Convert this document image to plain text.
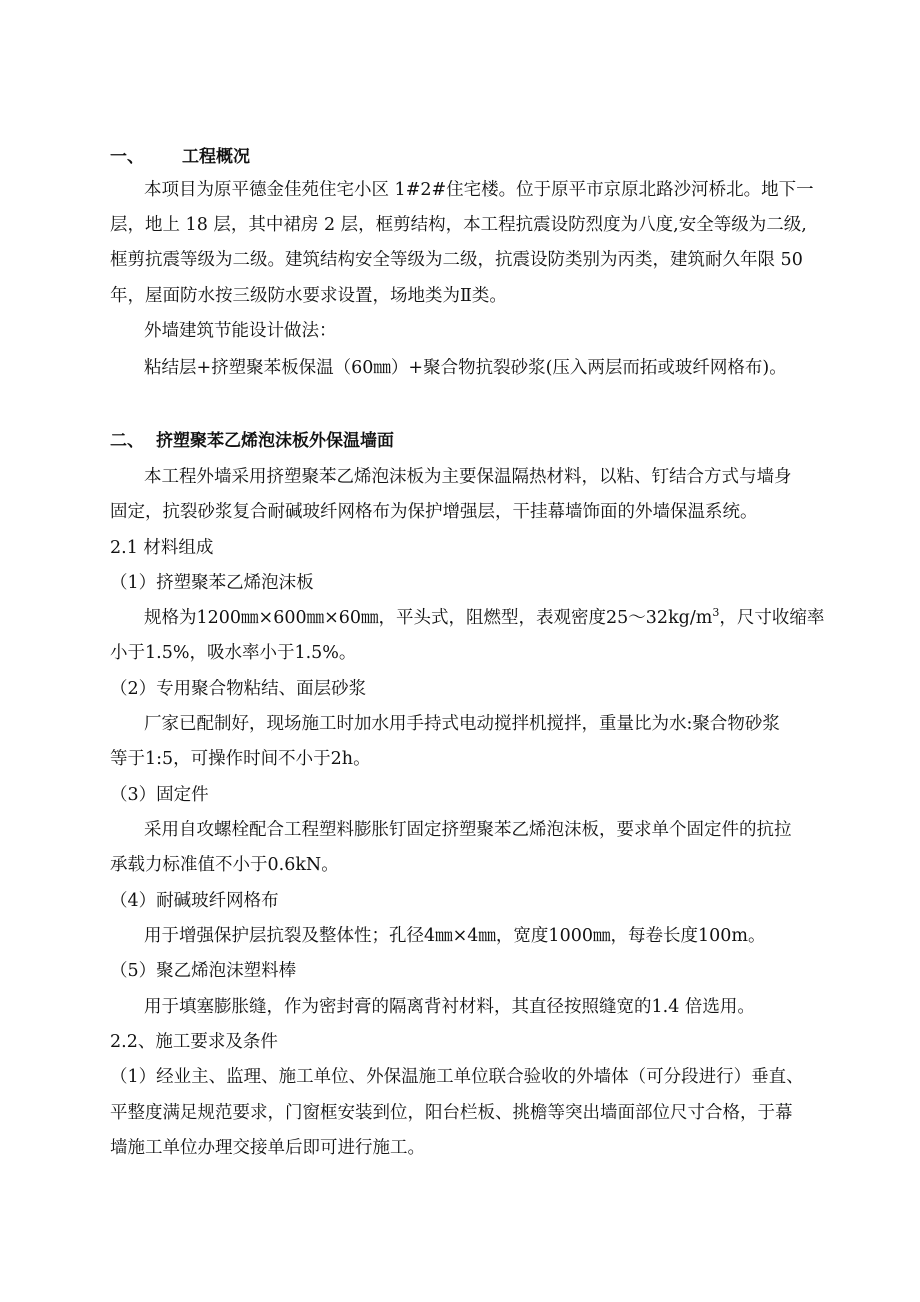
一、 工程概况
本项目为原平德金佳苑住宅小区 1#2#住宅楼。位于原平市京原北路沙河桥北。地下一
层，地上 18 层，其中裙房 2 层，框剪结构，本工程抗震设防烈度为八度,安全等级为二级,
框剪抗震等级为二级。建筑结构安全等级为二级，抗震设防类别为丙类，建筑耐久年限 50
年，屋面防水按三级防水要求设置，场地类为Ⅱ类。
外墙建筑节能设计做法：
粘结层+挤塑聚苯板保温（60㎜）+聚合物抗裂砂浆(压入两层而拓或玻纤网格布)。
二、 挤塑聚苯乙烯泡沫板外保温墙面
本工程外墙采用挤塑聚苯乙烯泡沫板为主要保温隔热材料，以粘、钉结合方式与墙身
固定，抗裂砂浆复合耐碱玻纤网格布为保护增强层，干挂幕墙饰面的外墙保温系统。
2.1 材料组成
（1）挤塑聚苯乙烯泡沫板
规格为1200㎜×600㎜×60㎜，平头式，阻燃型，表观密度$25\sim 32kg/m^3$，尺寸收缩率
小于1.5%，吸水率小于1.5%。
（2）专用聚合物粘结、面层砂浆
厂家已配制好，现场施工时加水用手持式电动搅拌机搅拌，重量比为水:聚合物砂浆
等于1:5，可操作时间不小于2h。
（3）固定件
采用自攻螺栓配合工程塑料膨胀钉固定挤塑聚苯乙烯泡沫板，要求单个固定件的抗拉
承载力标准值不小于0.6kN。
（4）耐碱玻纤网格布
用于增强保护层抗裂及整体性；孔径4㎜×4㎜，宽度1000㎜，每卷长度100m。
（5）聚乙烯泡沫塑料棒
用于填塞膨胀缝，作为密封膏的隔离背衬材料，其直径按照缝宽的1.4 倍选用。
2.2、施工要求及条件
（1）经业主、监理、施工单位、外保温施工单位联合验收的外墙体（可分段进行）垂直、
平整度满足规范要求，门窗框安装到位，阳台栏板、挑檐等突出墙面部位尺寸合格，于幕
墙施工单位办理交接单后即可进行施工。
